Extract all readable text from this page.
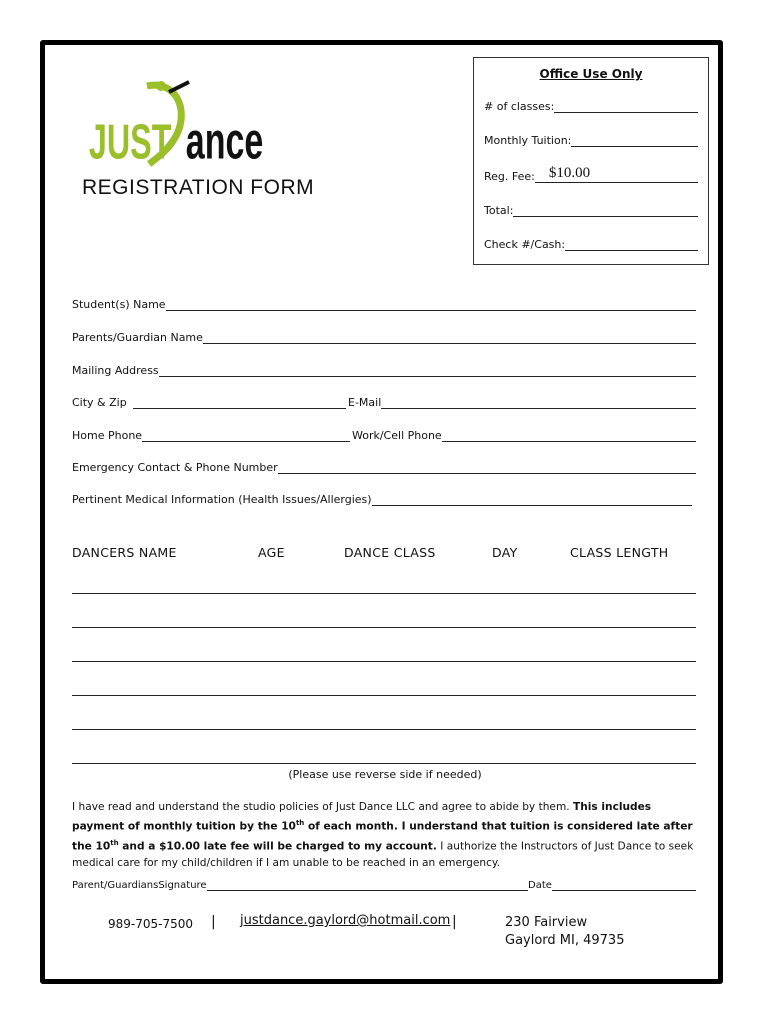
JUST ance
REGISTRATION FORM
Office Use Only
# of classes:
Monthly Tuition:
Reg. Fee: $10.00
Total:
Check #/Cash:
Student(s) Name
Parents/Guardian Name
Mailing Address
City & Zip	E-Mail
Home Phone	Work/Cell Phone
Emergency Contact & Phone Number
Pertinent Medical Information (Health Issues/Allergies)
DANCERS NAME	AGE	DANCE CLASS	DAY	CLASS LENGTH
(Please use reverse side if needed)
I have read and understand the studio policies of Just Dance LLC and agree to abide by them. This includes payment of monthly tuition by the 10th of each month. I understand that tuition is considered late after the 10th and a $10.00 late fee will be charged to my account. I authorize the Instructors of Just Dance to seek medical care for my child/children if I am unable to be reached in an emergency.
Parent/GuardiansSignature	Date
989-705-7500 | justdance.gaylord@hotmail.com |	230 Fairview
Gaylord MI, 49735
